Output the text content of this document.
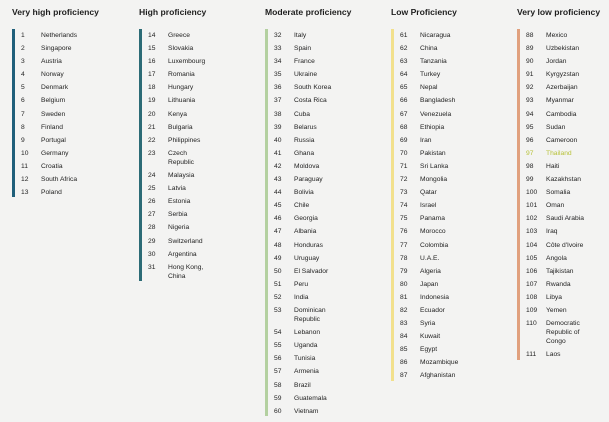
Very high proficiency
1 Netherlands
2 Singapore
3 Austria
4 Norway
5 Denmark
6 Belgium
7 Sweden
8 Finland
9 Portugal
10 Germany
11 Croatia
12 South Africa
13 Poland
High proficiency
14 Greece
15 Slovakia
16 Luxembourg
17 Romania
18 Hungary
19 Lithuania
20 Kenya
21 Bulgaria
22 Philippines
23 Czech
Republic
24 Malaysia
25 Latvia
26 Estonia
27 Serbia
28 Nigeria
29 Switzerland
30 Argentina
31 Hong Kong,
China
Moderate proficiency
32 Italy
33 Spain
34 France
35 Ukraine
36 South Korea
37 Costa Rica
38 Cuba
39 Belarus
40 Russia
41 Ghana
42 Moldova
43 Paraguay
44 Bolivia
45 Chile
46 Georgia
47 Albania
48 Honduras
49 Uruguay
50 El Salvador
51 Peru
52 India
53 Dominican
Republic
54 Lebanon
55 Uganda
56 Tunisia
57 Armenia
58 Brazil
59 Guatemala
60 Vietnam
Low Proficiency
61 Nicaragua
62 China
63 Tanzania
64 Turkey
65 Nepal
66 Bangladesh
67 Venezuela
68 Ethiopia
69 Iran
70 Pakistan
71 Sri Lanka
72 Mongolia
73 Qatar
74 Israel
75 Panama
76 Morocco
77 Colombia
78 U.A.E.
79 Algeria
80 Japan
81 Indonesia
82 Ecuador
83 Syria
84 Kuwait
85 Egypt
86 Mozambique
87 Afghanistan
Very low proficiency
88 Mexico
89 Uzbekistan
90 Jordan
91 Kyrgyzstan
92 Azerbaijan
93 Myanmar
94 Cambodia
95 Sudan
96 Cameroon
97 Thailand
98 Haiti
99 Kazakhstan
100 Somalia
101 Oman
102 Saudi Arabia
103 Iraq
104 Côte d'Ivoire
105 Angola
106 Tajikistan
107 Rwanda
108 Libya
109 Yemen
110 Democratic
Republic of
Congo
111 Laos
